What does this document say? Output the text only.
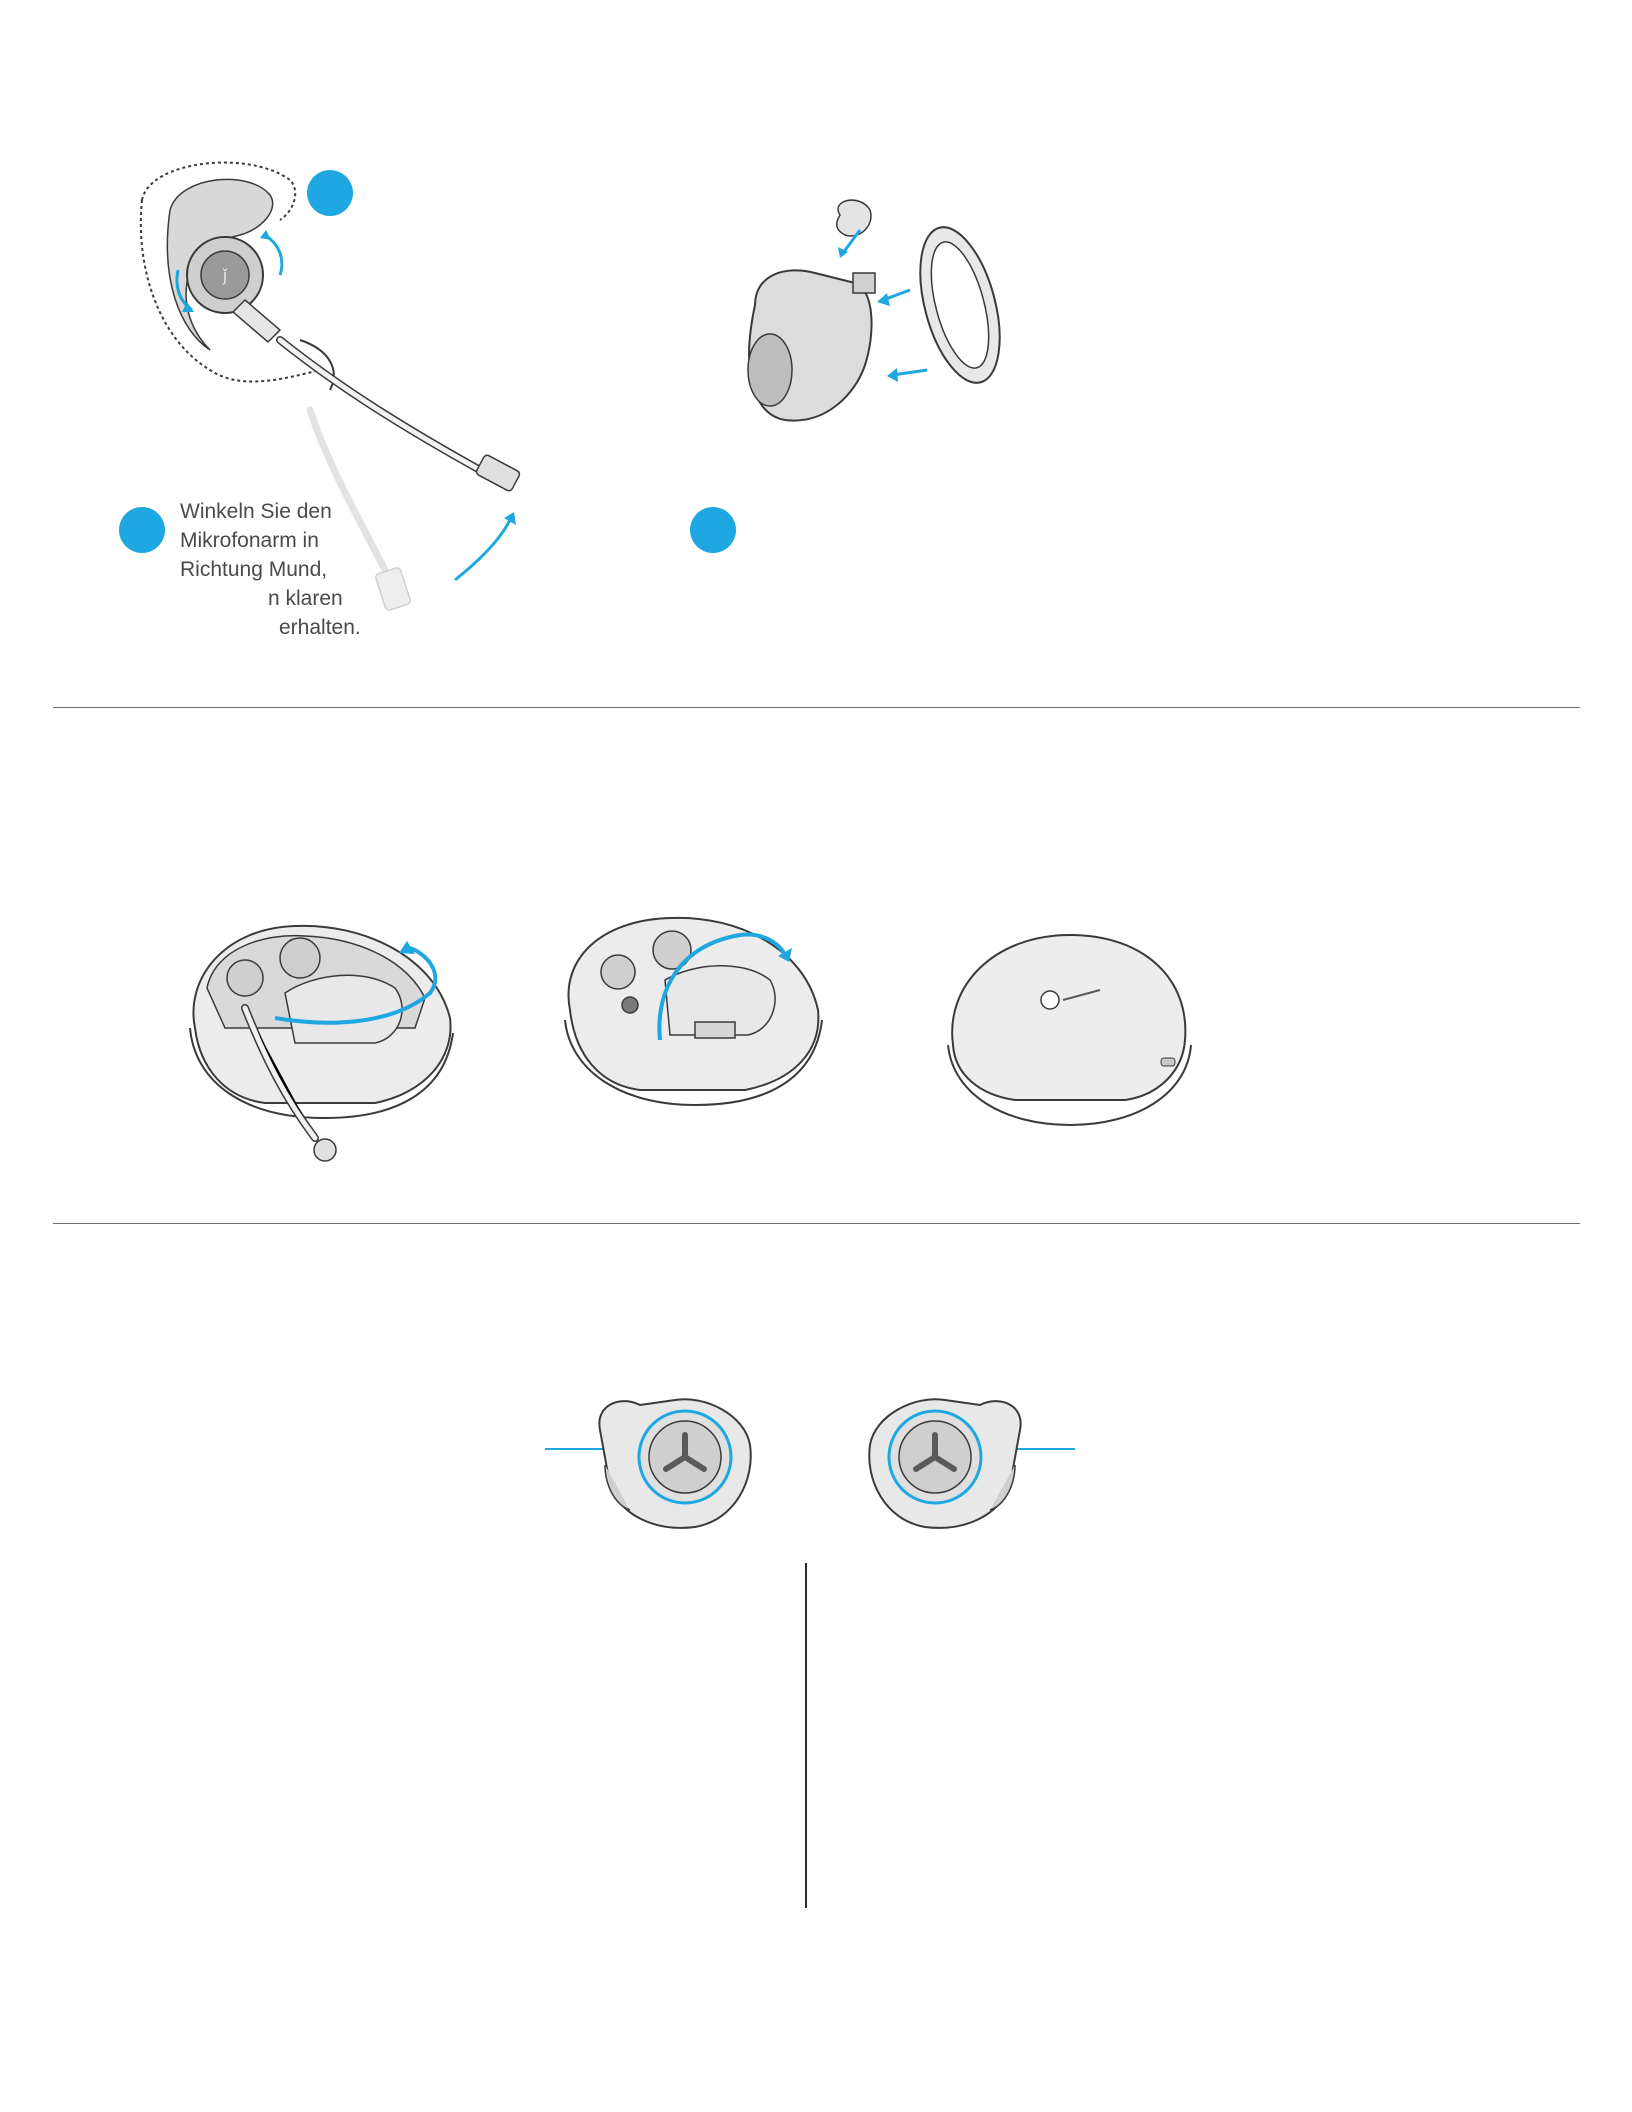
ǰ
Winkeln Sie den
Mikrofonarm in
Richtung Mund,
n klaren
erhalten.
